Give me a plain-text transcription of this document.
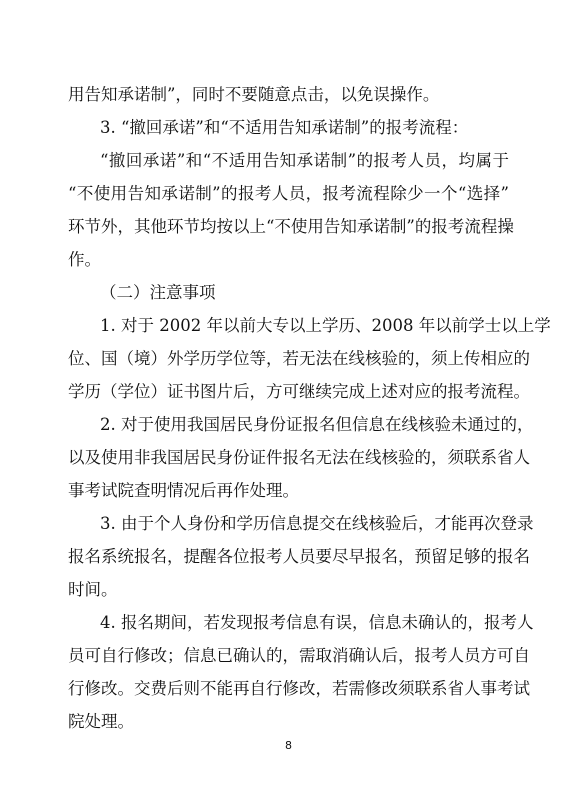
用告知承诺制”，同时不要随意点击，以免误操作。
3. “撤回承诺”和“不适用告知承诺制”的报考流程：
“撤回承诺”和“不适用告知承诺制”的报考人员，均属于
“不使用告知承诺制”的报考人员，报考流程除少一个“选择”
环节外，其他环节均按以上“不使用告知承诺制”的报考流程操
作。
（二）注意事项
1. 对于 2002 年以前大专以上学历、2008 年以前学士以上学
位、国（境）外学历学位等，若无法在线核验的，须上传相应的
学历（学位）证书图片后，方可继续完成上述对应的报考流程。
2. 对于使用我国居民身份证报名但信息在线核验未通过的，
以及使用非我国居民身份证件报名无法在线核验的，须联系省人
事考试院查明情况后再作处理。
3. 由于个人身份和学历信息提交在线核验后，才能再次登录
报名系统报名，提醒各位报考人员要尽早报名，预留足够的报名
时间。
4. 报名期间，若发现报考信息有误，信息未确认的，报考人
员可自行修改；信息已确认的，需取消确认后，报考人员方可自
行修改。交费后则不能再自行修改，若需修改须联系省人事考试
院处理。
8
